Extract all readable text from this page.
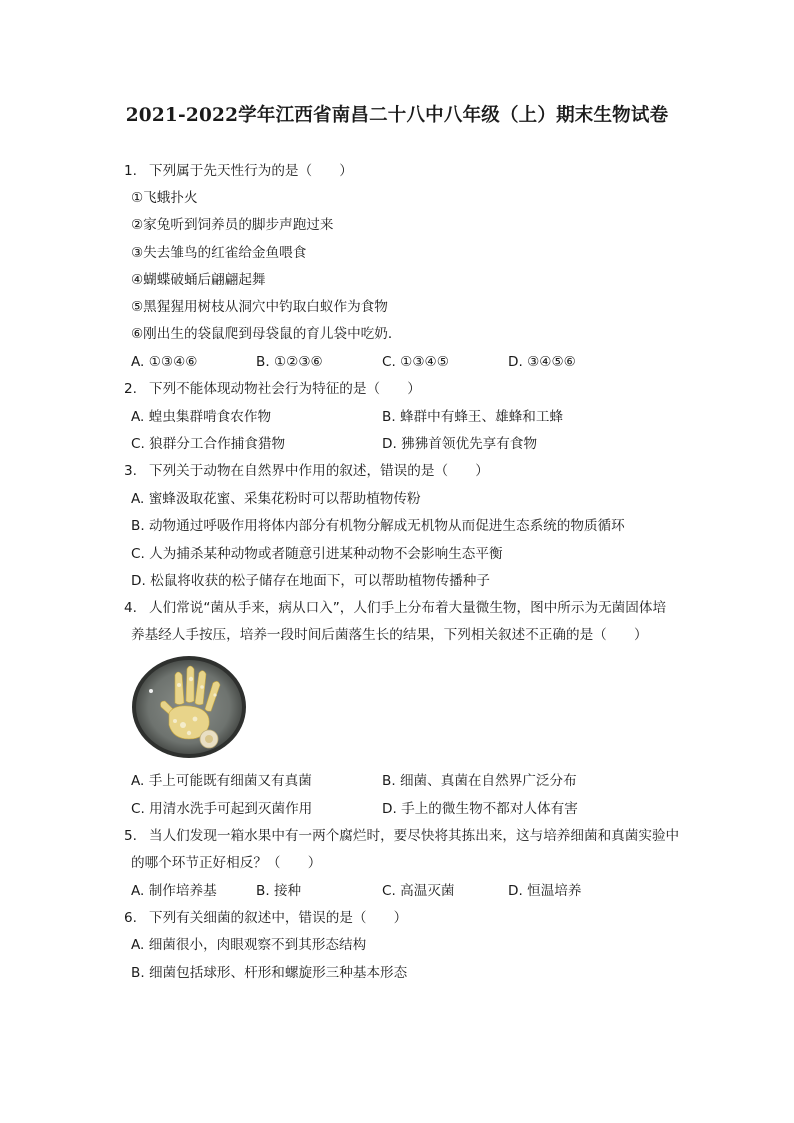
2021-2022学年江西省南昌二十八中八年级（上）期末生物试卷
1. 下列属于先天性行为的是（　　）
①飞蛾扑火
②家兔听到饲养员的脚步声跑过来
③失去雏鸟的红雀给金鱼喂食
④蝴蝶破蛹后翩翩起舞
⑤黑猩猩用树枝从洞穴中钓取白蚁作为食物
⑥刚出生的袋鼠爬到母袋鼠的育儿袋中吃奶．
A. ①③④⑥	B. ①②③⑥	C. ①③④⑤	D. ③④⑤⑥
2. 下列不能体现动物社会行为特征的是（　　）
A. 蝗虫集群啃食农作物	B. 蜂群中有蜂王、雄蜂和工蜂
C. 狼群分工合作捕食猎物	D. 狒狒首领优先享有食物
3. 下列关于动物在自然界中作用的叙述，错误的是（　　）
A. 蜜蜂汲取花蜜、采集花粉时可以帮助植物传粉
B. 动物通过呼吸作用将体内部分有机物分解成无机物从而促进生态系统的物质循环
C. 人为捕杀某种动物或者随意引进某种动物不会影响生态平衡
D. 松鼠将收获的松子储存在地面下，可以帮助植物传播种子
4. 人们常说“菌从手来，病从口入”，人们手上分布着大量微生物，图中所示为无菌固体培
养基经人手按压，培养一段时间后菌落生长的结果，下列相关叙述不正确的是（　　）
A. 手上可能既有细菌又有真菌	B. 细菌、真菌在自然界广泛分布
C. 用清水洗手可起到灭菌作用	D. 手上的微生物不都对人体有害
5. 当人们发现一箱水果中有一两个腐烂时，要尽快将其拣出来，这与培养细菌和真菌实验中
的哪个环节正好相反？（　　）
A. 制作培养基	B. 接种	C. 高温灭菌	D. 恒温培养
6. 下列有关细菌的叙述中，错误的是（　　）
A. 细菌很小，肉眼观察不到其形态结构
B. 细菌包括球形、杆形和螺旋形三种基本形态
